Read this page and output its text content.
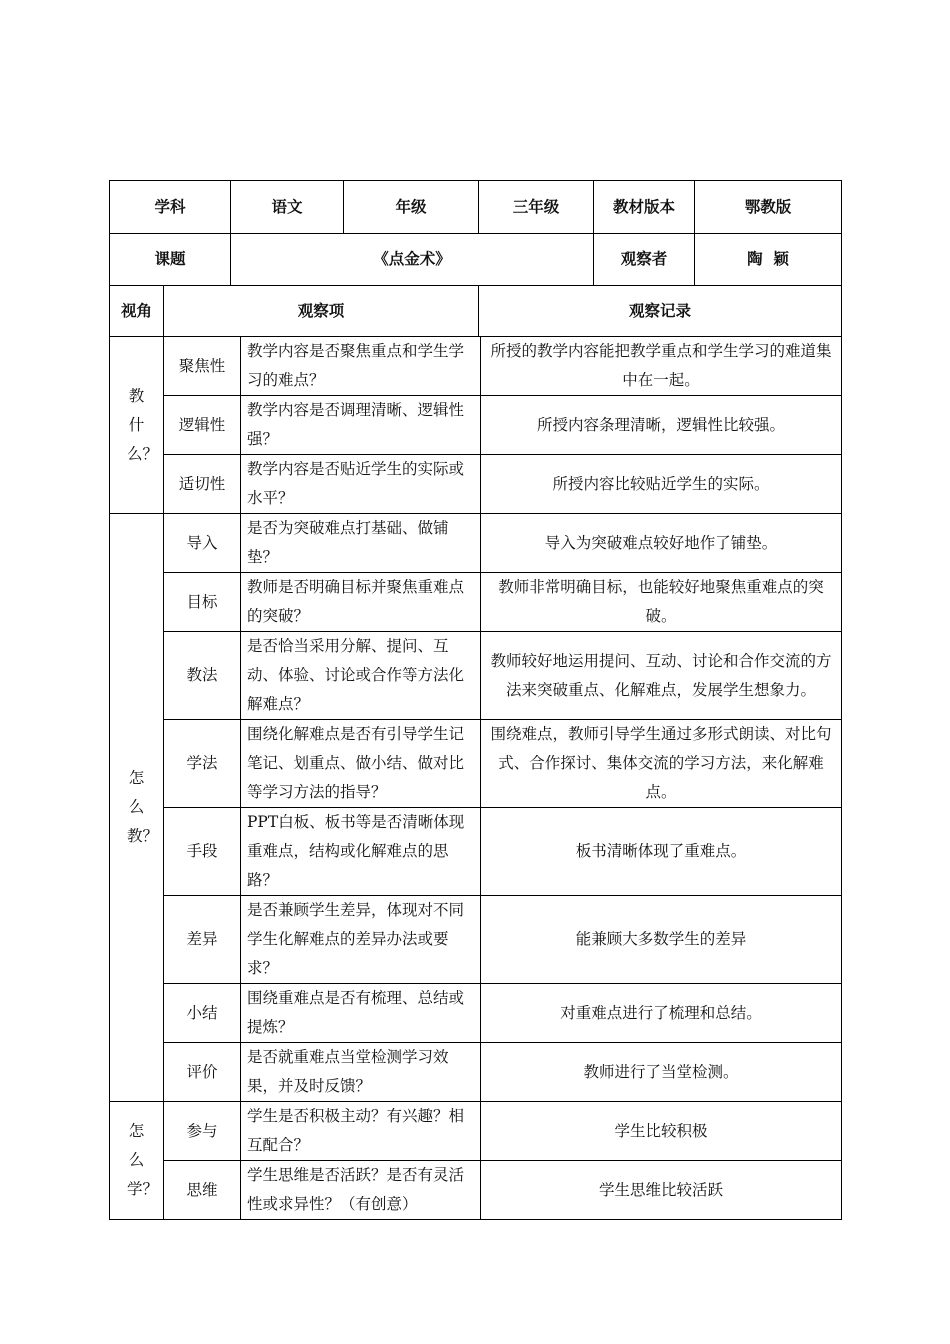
学科		语文	年级	三年级	教材版本	鄂教版
课题		《点金术》			观察者	陶  颖
视角	观察项			观察记录		
教什么？	聚焦性	教学内容是否聚焦重点和学生学习的难点？	所授的教学内容能把教学重点和学生学习的难道集中在一起。
	逻辑性	教学内容是否调理清晰、逻辑性强？	所授内容条理清晰，逻辑性比较强。
	适切性	教学内容是否贴近学生的实际或水平？	所授内容比较贴近学生的实际。
怎么教？	导入	是否为突破难点打基础、做铺垫？	导入为突破难点较好地作了铺垫。
	目标	教师是否明确目标并聚焦重难点的突破？	教师非常明确目标，也能较好地聚焦重难点的突破。
	教法	是否恰当采用分解、提问、互动、体验、讨论或合作等方法化解难点？	教师较好地运用提问、互动、讨论和合作交流的方法来突破重点、化解难点，发展学生想象力。
	学法	围绕化解难点是否有引导学生记笔记、划重点、做小结、做对比等学习方法的指导？	围绕难点，教师引导学生通过多形式朗读、对比句式、合作探讨、集体交流的学习方法，来化解难点。
	手段	PPT白板、板书等是否清晰体现重难点，结构或化解难点的思路？	板书清晰体现了重难点。
	差异	是否兼顾学生差异，体现对不同学生化解难点的差异办法或要求？	能兼顾大多数学生的差异
	小结	围绕重难点是否有梳理、总结或提炼？	对重难点进行了梳理和总结。
	评价	是否就重难点当堂检测学习效果，并及时反馈？	教师进行了当堂检测。
怎么学？	参与	学生是否积极主动？有兴趣？相互配合？	学生比较积极
	思维	学生思维是否活跃？是否有灵活性或求异性？（有创意）	学生思维比较活跃
